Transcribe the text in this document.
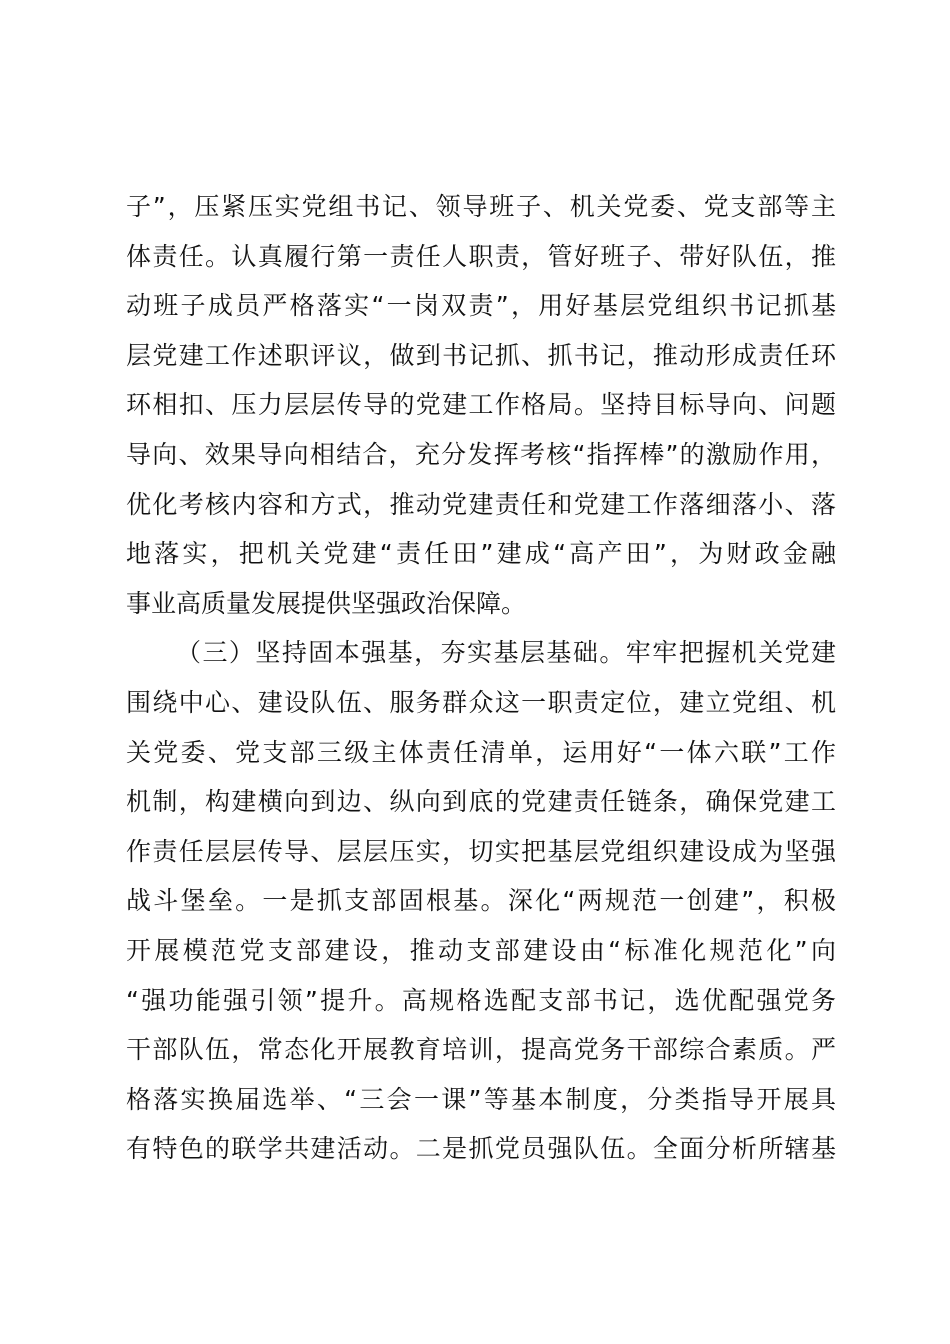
子”，压紧压实党组书记、领导班子、机关党委、党支部等主
体责任。认真履行第一责任人职责，管好班子、带好队伍，推
动班子成员严格落实“一岗双责”，用好基层党组织书记抓基
层党建工作述职评议，做到书记抓、抓书记，推动形成责任环
环相扣、压力层层传导的党建工作格局。坚持目标导向、问题
导向、效果导向相结合，充分发挥考核“指挥棒”的激励作用，
优化考核内容和方式，推动党建责任和党建工作落细落小、落
地落实，把机关党建“责任田”建成“高产田”，为财政金融
事业高质量发展提供坚强政治保障。
（三）坚持固本强基，夯实基层基础。牢牢把握机关党建
围绕中心、建设队伍、服务群众这一职责定位，建立党组、机
关党委、党支部三级主体责任清单，运用好“一体六联”工作
机制，构建横向到边、纵向到底的党建责任链条，确保党建工
作责任层层传导、层层压实，切实把基层党组织建设成为坚强
战斗堡垒。一是抓支部固根基。深化“两规范一创建”，积极
开展模范党支部建设，推动支部建设由“标准化规范化”向
“强功能强引领”提升。高规格选配支部书记，选优配强党务
干部队伍，常态化开展教育培训，提高党务干部综合素质。严
格落实换届选举、“三会一课”等基本制度，分类指导开展具
有特色的联学共建活动。二是抓党员强队伍。全面分析所辖基
